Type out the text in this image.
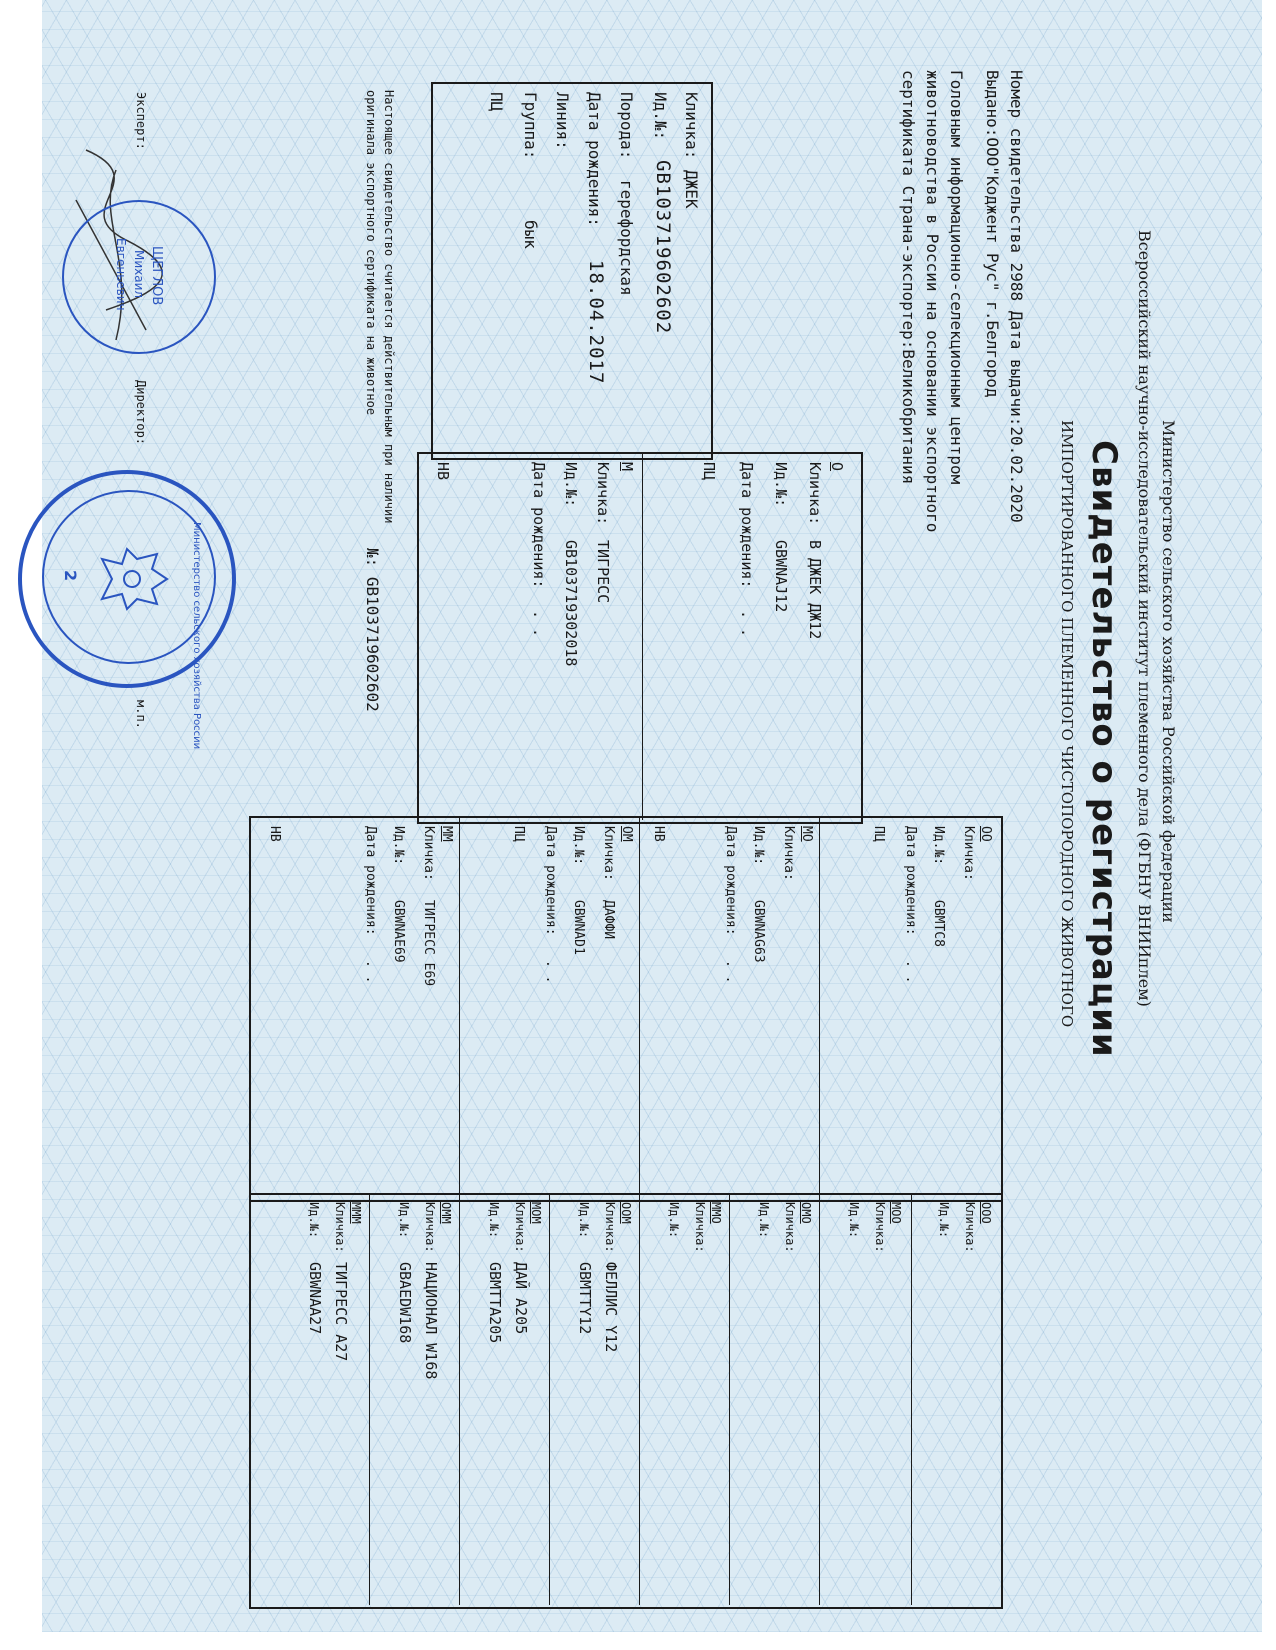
Министерство сельского хозяйства Российской федерации
Всероссийский научно-исследовательский институт племенного дела (ФГБНУ ВНИИплем)
Свидетельство о регистрации
ИМПОРТИРОВАННОГО ПЛЕМЕННОГО ЧИСТОПОРОДНОГО ЖИВОТНОГО
Номер свидетельства 2988 Дата выдачи:20.02.2020
Выдано:ООО"Коджент Рус" г.Белгород
Головным информационно-селекционным центром
животноводства в России на основании экспортного
сертификата Страна-экспортер:Великобритания
Кличка:
ДЖЕК
Ид.№:
GB103719602602
Порода:
герефордская
Дата рождения:
18.04.2017
Линия:
Группа:
бык
ПЦ
О
Кличка:
В ДЖЕК ДЖ12
Ид.№:
GBWNAJ12
Дата рождения:
. .
ПЦ
М
Кличка:
ТИГРЕСС
Ид.№:
GB103719302018
Дата рождения:
. .
НВ
ОО
Кличка:
Ид.№:
GBMTC8
Дата рождения:
. .
ПЦ
МО
Кличка:
Ид.№:
GBWNAG63
Дата рождения:
. .
НВ
ОМ
Кличка:
ДАФФИ
Ид.№:
GBWNAD1
Дата рождения:
. .
ПЦ
ММ
Кличка:
ТИГРЕСС Е69
Ид.№:
GBWNAE69
Дата рождения:
. .
НВ
ООО
Кличка:
Ид.№:
МОО
Кличка:
Ид.№:
ОМО
Кличка:
Ид.№:
ММО
Кличка:
Ид.№:
ООМ
Кличка:
ФЕЛЛИС Y12
Ид.№:
GBMTTY12
МОМ
Кличка:
ДАЙ А205
Ид.№:
GBMTTA205
ОММ
Кличка:
НАЦИОНАЛ W168
Ид.№:
GBAEDW168
МММ
Кличка:
ТИГРЕСС А27
Ид.№:
GBWNAA27
Настоящее свидетельство считается действительным при наличии
оригинала экспортного сертификата на животное
№: GB103719602602
Эксперт:
Директор:
м.п.
ЩЕГЛОВ
Михаил
Евгеньевич
Министерство сельского хозяйства России
2
